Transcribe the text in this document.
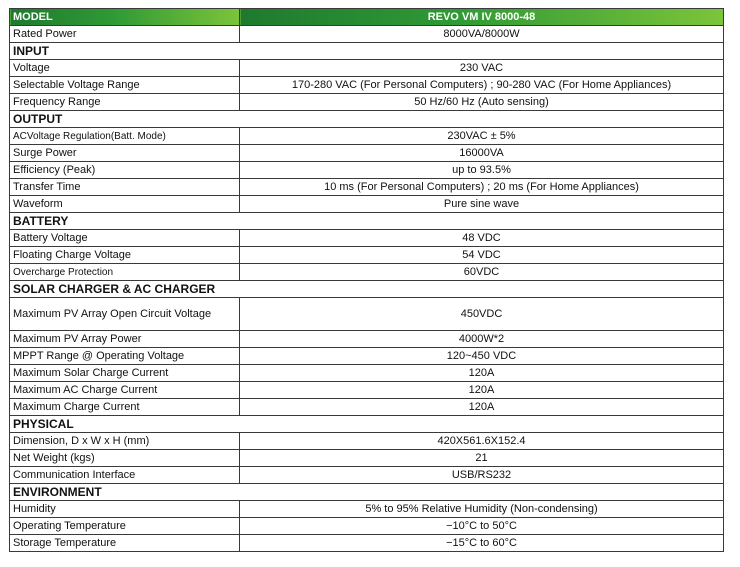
MODEL	REVO VM IV 8000-48
Rated Power	8000VA/8000W
INPUT	
Voltage	230 VAC
Selectable Voltage Range	170-280 VAC (For Personal Computers) ; 90-280 VAC (For Home Appliances)
Frequency Range	50 Hz/60 Hz (Auto sensing)
OUTPUT	
ACVoltage Regulation(Batt. Mode)	230VAC ± 5%
Surge Power	16000VA
Efficiency (Peak)	up to 93.5%
Transfer Time	10 ms (For Personal Computers) ; 20 ms (For Home Appliances)
Waveform	Pure sine wave
BATTERY	
Battery Voltage	48 VDC
Floating Charge Voltage	54 VDC
Overcharge Protection	60VDC
SOLAR CHARGER & AC CHARGER	
Maximum PV Array Open Circuit Voltage	450VDC
Maximum PV Array Power	4000W*2
MPPT Range @ Operating Voltage	120~450 VDC
Maximum Solar Charge Current	120A
Maximum AC Charge Current	120A
Maximum Charge Current	120A
PHYSICAL	
Dimension, D x W x H (mm)	420X561.6X152.4
Net Weight (kgs)	21
Communication Interface	USB/RS232
ENVIRONMENT	
Humidity	5% to 95% Relative Humidity (Non-condensing)
Operating Temperature	−10°C to 50°C
Storage Temperature	−15°C to 60°C
